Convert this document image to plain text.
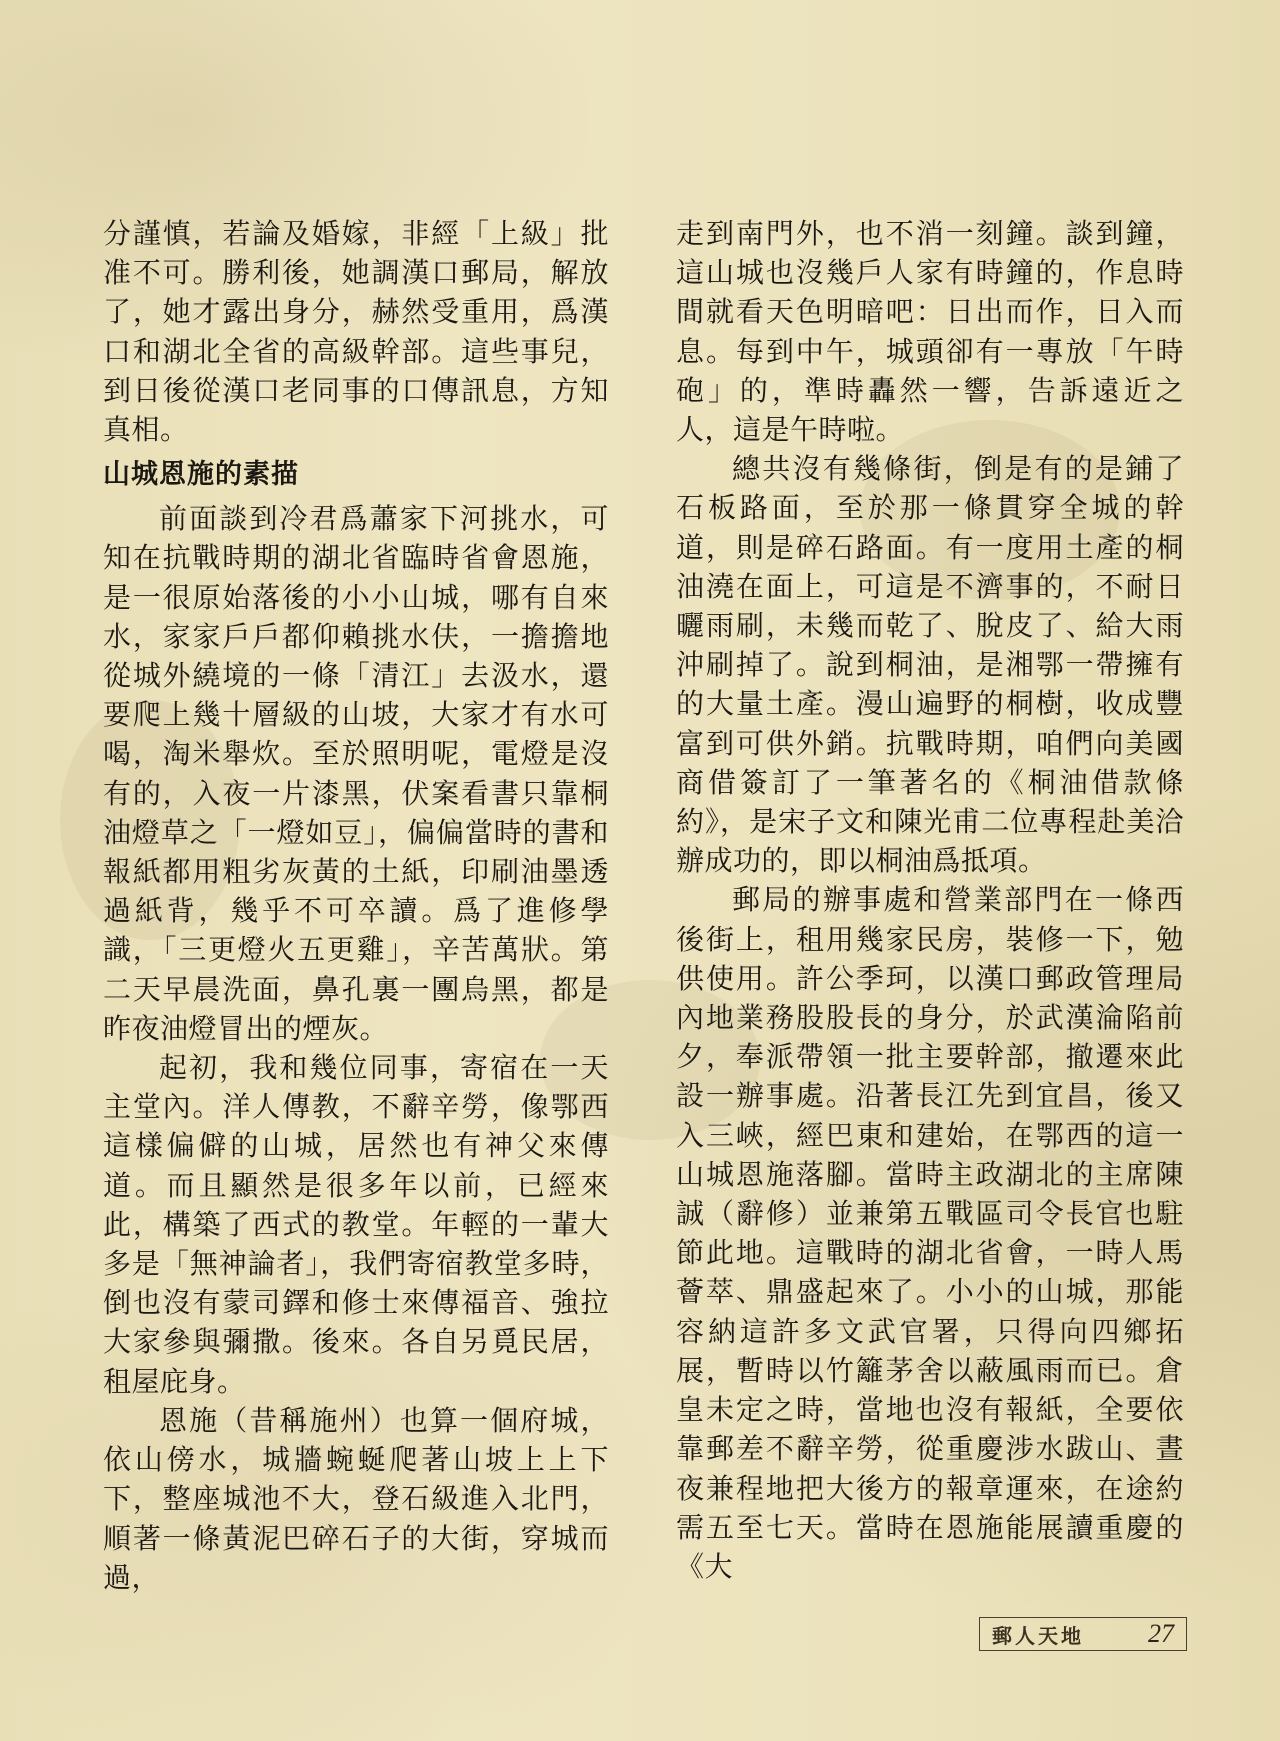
分謹慎，若論及婚嫁，非經「上級」批准不可。勝利後，她調漢口郵局，解放了，她才露出身分，赫然受重用，爲漢口和湖北全省的高級幹部。這些事兒，到日後從漢口老同事的口傳訊息，方知真相。

山城恩施的素描

前面談到冷君爲蕭家下河挑水，可知在抗戰時期的湖北省臨時省會恩施，是一很原始落後的小小山城，哪有自來水，家家戶戶都仰賴挑水伕，一擔擔地從城外繞境的一條「清江」去汲水，還要爬上幾十層級的山坡，大家才有水可喝，淘米舉炊。至於照明呢，電燈是沒有的，入夜一片漆黑，伏案看書只靠桐油燈草之「一燈如豆」，偏偏當時的書和報紙都用粗劣灰黃的土紙，印刷油墨透過紙背，幾乎不可卒讀。爲了進修學識，「三更燈火五更雞」，辛苦萬狀。第二天早晨洗面，鼻孔裏一團烏黑，都是昨夜油燈冒出的煙灰。

起初，我和幾位同事，寄宿在一天主堂內。洋人傳教，不辭辛勞，像鄂西這樣偏僻的山城，居然也有神父來傳道。而且顯然是很多年以前，已經來此，構築了西式的教堂。年輕的一輩大多是「無神論者」，我們寄宿教堂多時，倒也沒有蒙司鐸和修士來傳福音、強拉大家參與彌撒。後來。各自另覓民居，租屋庇身。

恩施（昔稱施州）也算一個府城，依山傍水，城牆蜿蜒爬著山坡上上下下，整座城池不大，登石級進入北門，順著一條黃泥巴碎石子的大街，穿城而過，

走到南門外，也不消一刻鐘。談到鐘，這山城也沒幾戶人家有時鐘的，作息時間就看天色明暗吧：日出而作，日入而息。每到中午，城頭卻有一專放「午時砲」的，準時轟然一響，告訴遠近之人，這是午時啦。

總共沒有幾條街，倒是有的是鋪了石板路面，至於那一條貫穿全城的幹道，則是碎石路面。有一度用土產的桐油澆在面上，可這是不濟事的，不耐日曬雨刷，未幾而乾了、脫皮了、給大雨沖刷掉了。說到桐油，是湘鄂一帶擁有的大量土產。漫山遍野的桐樹，收成豐富到可供外銷。抗戰時期，咱們向美國商借簽訂了一筆著名的《桐油借款條約》，是宋子文和陳光甫二位專程赴美洽辦成功的，即以桐油爲抵項。

郵局的辦事處和營業部門在一條西後街上，租用幾家民房，裝修一下，勉供使用。許公季珂，以漢口郵政管理局內地業務股股長的身分，於武漢淪陷前夕，奉派帶領一批主要幹部，撤遷來此設一辦事處。沿著長江先到宜昌，後又入三峽，經巴東和建始，在鄂西的這一山城恩施落腳。當時主政湖北的主席陳誠（辭修）並兼第五戰區司令長官也駐節此地。這戰時的湖北省會，一時人馬薈萃、鼎盛起來了。小小的山城，那能容納這許多文武官署，只得向四鄉拓展，暫時以竹籬茅舍以蔽風雨而已。倉皇未定之時，當地也沒有報紙，全要依靠郵差不辭辛勞，從重慶涉水跋山、晝夜兼程地把大後方的報章運來，在途約需五至七天。當時在恩施能展讀重慶的《大

郵人天地 27
